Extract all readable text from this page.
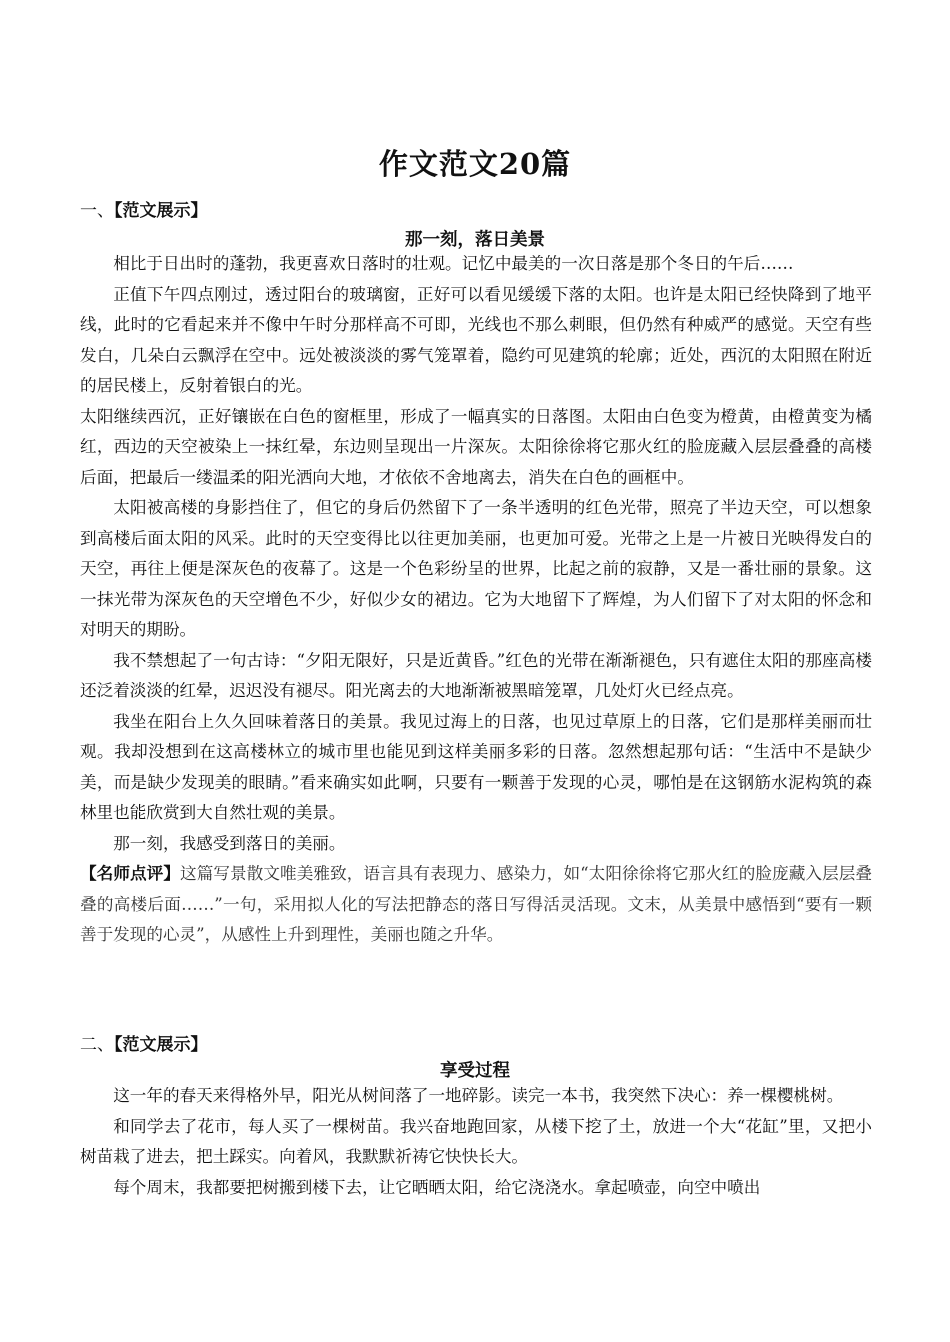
作文范文20篇
一、【范文展示】
那一刻，落日美景

相比于日出时的蓬勃，我更喜欢日落时的壮观。记忆中最美的一次日落是那个冬日的午后……

正值下午四点刚过，透过阳台的玻璃窗，正好可以看见缓缓下落的太阳。也许是太阳已经快降到了地平线，此时的它看起来并不像中午时分那样高不可即，光线也不那么刺眼，但仍然有种威严的感觉。天空有些发白，几朵白云飘浮在空中。远处被淡淡的雾气笼罩着，隐约可见建筑的轮廓；近处，西沉的太阳照在附近的居民楼上，反射着银白的光。

太阳继续西沉，正好镶嵌在白色的窗框里，形成了一幅真实的日落图。太阳由白色变为橙黄，由橙黄变为橘红，西边的天空被染上一抹红晕，东边则呈现出一片深灰。太阳徐徐将它那火红的脸庞藏入层层叠叠的高楼后面，把最后一缕温柔的阳光洒向大地，才依依不舍地离去，消失在白色的画框中。

太阳被高楼的身影挡住了，但它的身后仍然留下了一条半透明的红色光带，照亮了半边天空，可以想象到高楼后面太阳的风采。此时的天空变得比以往更加美丽，也更加可爱。光带之上是一片被日光映得发白的天空，再往上便是深灰色的夜幕了。这是一个色彩纷呈的世界，比起之前的寂静，又是一番壮丽的景象。这一抹光带为深灰色的天空增色不少，好似少女的裙边。它为大地留下了辉煌，为人们留下了对太阳的怀念和对明天的期盼。

我不禁想起了一句古诗：“夕阳无限好，只是近黄昏。”红色的光带在渐渐褪色，只有遮住太阳的那座高楼还泛着淡淡的红晕，迟迟没有褪尽。阳光离去的大地渐渐被黑暗笼罩，几处灯火已经点亮。

我坐在阳台上久久回味着落日的美景。我见过海上的日落，也见过草原上的日落，它们是那样美丽而壮观。我却没想到在这高楼林立的城市里也能见到这样美丽多彩的日落。忽然想起那句话：“生活中不是缺少美，而是缺少发现美的眼睛。”看来确实如此啊，只要有一颗善于发现的心灵，哪怕是在这钢筋水泥构筑的森林里也能欣赏到大自然壮观的美景。

那一刻，我感受到落日的美丽。

【名师点评】这篇写景散文唯美雅致，语言具有表现力、感染力，如“太阳徐徐将它那火红的脸庞藏入层层叠叠的高楼后面……”一句，采用拟人化的写法把静态的落日写得活灵活现。文末，从美景中感悟到“要有一颗善于发现的心灵”，从感性上升到理性，美丽也随之升华。

二、【范文展示】
享受过程

这一年的春天来得格外早，阳光从树间落了一地碎影。读完一本书，我突然下决心：养一棵樱桃树。

和同学去了花市，每人买了一棵树苗。我兴奋地跑回家，从楼下挖了土，放进一个大“花缸”里，又把小树苗栽了进去，把土踩实。向着风，我默默祈祷它快快长大。

每个周末，我都要把树搬到楼下去，让它晒晒太阳，给它浇浇水。拿起喷壶，向空中喷出
